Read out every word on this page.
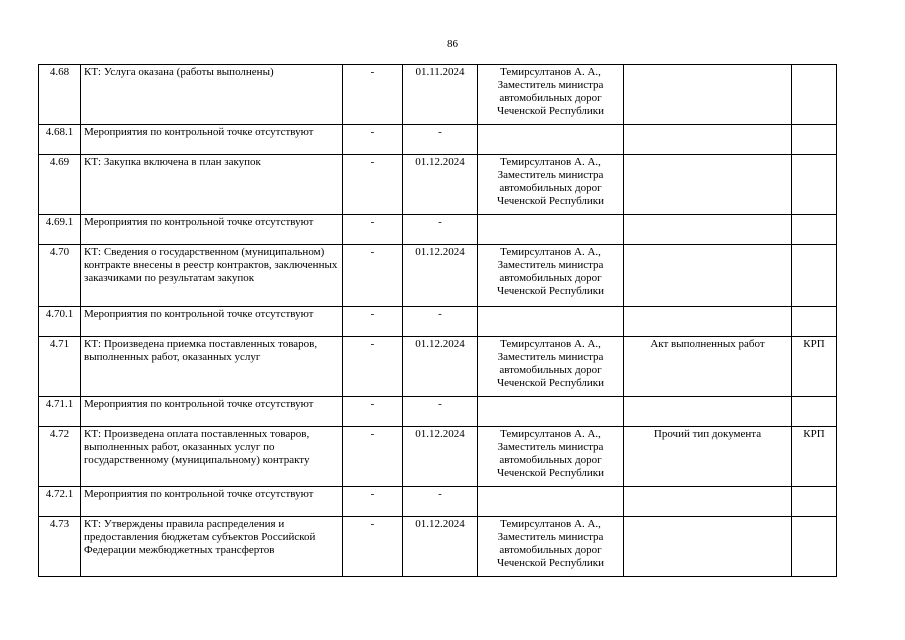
86
4.68	КТ: Услуга оказана (работы выполнены)	-	01.11.2024	Темирсултанов А. А., Заместитель министра автомобильных дорог Чеченской Республики		
4.68.1	Мероприятия по контрольной точке отсутствуют	-	-			
4.69	КТ: Закупка включена в план закупок	-	01.12.2024	Темирсултанов А. А., Заместитель министра автомобильных дорог Чеченской Республики		
4.69.1	Мероприятия по контрольной точке отсутствуют	-	-			
4.70	КТ: Сведения о государственном (муниципальном) контракте внесены в реестр контрактов, заключенных заказчиками по результатам закупок	-	01.12.2024	Темирсултанов А. А., Заместитель министра автомобильных дорог Чеченской Республики		
4.70.1	Мероприятия по контрольной точке отсутствуют	-	-			
4.71	КТ: Произведена приемка поставленных товаров, выполненных работ, оказанных услуг	-	01.12.2024	Темирсултанов А. А., Заместитель министра автомобильных дорог Чеченской Республики	Акт выполненных работ	КРП
4.71.1	Мероприятия по контрольной точке отсутствуют	-	-			
4.72	КТ: Произведена оплата поставленных товаров, выполненных работ, оказанных услуг по государственному (муниципальному) контракту	-	01.12.2024	Темирсултанов А. А., Заместитель министра автомобильных дорог Чеченской Республики	Прочий тип документа	КРП
4.72.1	Мероприятия по контрольной точке отсутствуют	-	-			
4.73	КТ: Утверждены правила распределения и предоставления бюджетам субъектов Российской Федерации межбюджетных трансфертов	-	01.12.2024	Темирсултанов А. А., Заместитель министра автомобильных дорог Чеченской Республики		
